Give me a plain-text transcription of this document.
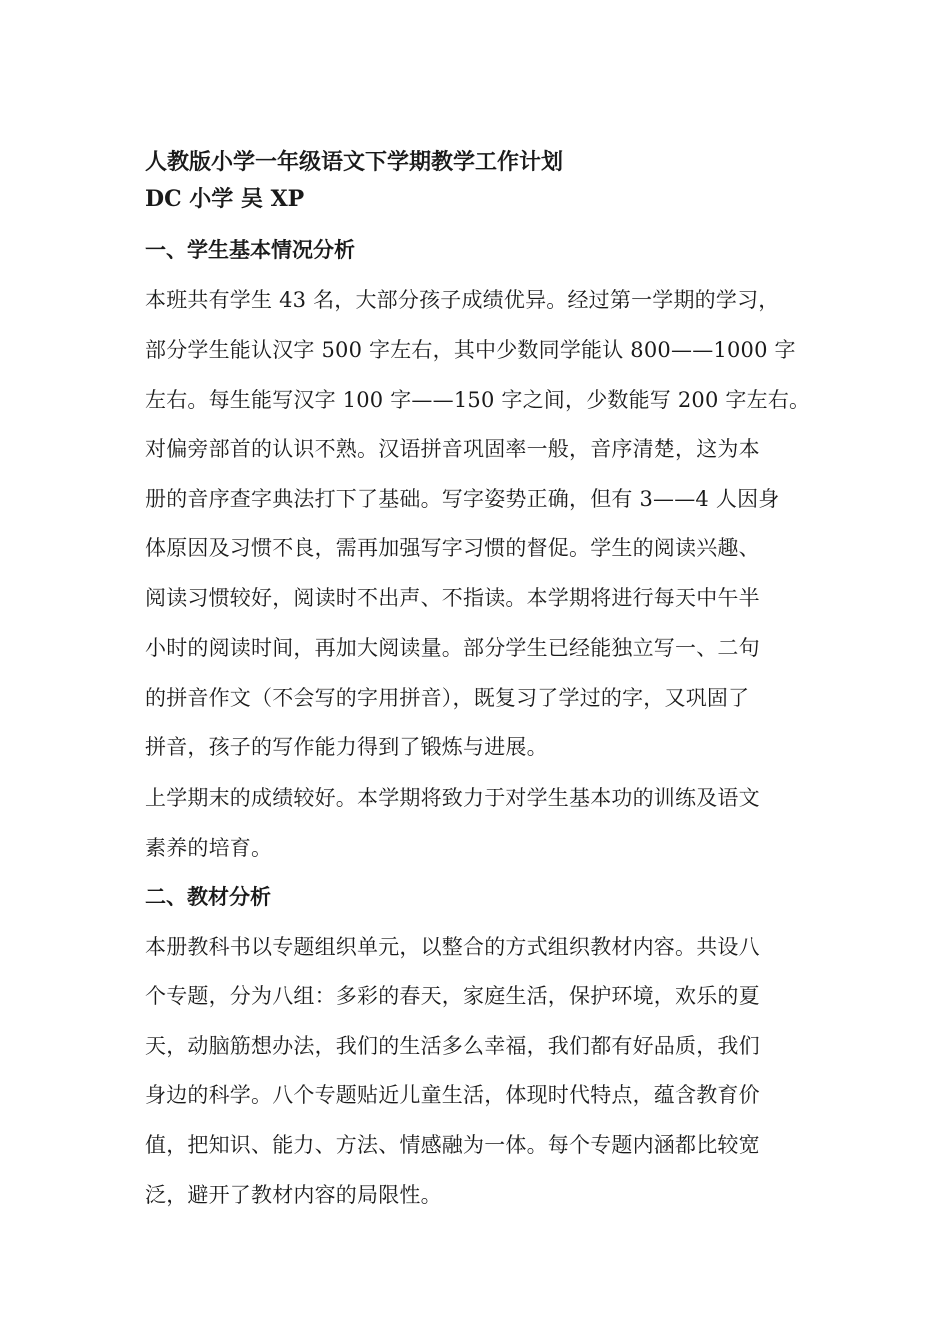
人教版小学一年级语文下学期教学工作计划
DC 小学 吴 XP
一、学生基本情况分析
本班共有学生 43 名，大部分孩子成绩优异。经过第一学期的学习，
部分学生能认汉字 500 字左右，其中少数同学能认 800——1000 字
左右。每生能写汉字 100 字——150 字之间，少数能写 200 字左右。
对偏旁部首的认识不熟。汉语拼音巩固率一般，音序清楚，这为本
册的音序查字典法打下了基础。写字姿势正确，但有 3——4 人因身
体原因及习惯不良，需再加强写字习惯的督促。学生的阅读兴趣、
阅读习惯较好，阅读时不出声、不指读。本学期将进行每天中午半
小时的阅读时间，再加大阅读量。部分学生已经能独立写一、二句
的拼音作文（不会写的字用拼音），既复习了学过的字，又巩固了
拼音，孩子的写作能力得到了锻炼与进展。
上学期末的成绩较好。本学期将致力于对学生基本功的训练及语文
素养的培育。
二、教材分析
本册教科书以专题组织单元，以整合的方式组织教材内容。共设八
个专题，分为八组：多彩的春天，家庭生活，保护环境，欢乐的夏
天，动脑筋想办法，我们的生活多么幸福，我们都有好品质，我们
身边的科学。八个专题贴近儿童生活，体现时代特点，蕴含教育价
值，把知识、能力、方法、情感融为一体。每个专题内涵都比较宽
泛，避开了教材内容的局限性。
